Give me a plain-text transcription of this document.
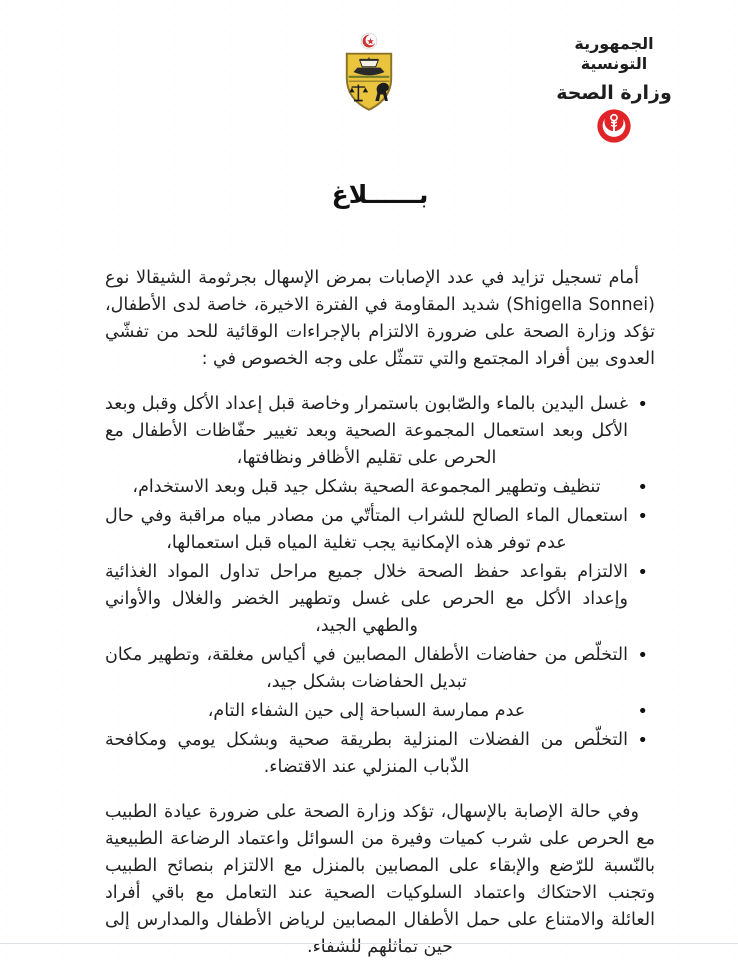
الجمهورية التونسية
وزارة الصحة
بــــــلاغ
أمام تسجيل تزايد في عدد الإصابات بمرض الإسهال بجرثومة الشيقالا نوع (Shigella Sonnei) شديد المقاومة في الفترة الاخيرة، خاصة لدى الأطفال، تؤكد وزارة الصحة على ضرورة الالتزام بالإجراءات الوقائية للحد من تفشّي العدوى بين أفراد المجتمع والتي تتمثّل على وجه الخصوص في :
•
غسل اليدين بالماء والصّابون باستمرار وخاصة قبل إعداد الأكل وقبل وبعد الأكل وبعد استعمال المجموعة الصحية وبعد تغيير حفّاظات الأطفال مع الحرص على تقليم الأظافر ونظافتها،
•
تنظيف وتطهير المجموعة الصحية بشكل جيد قبل وبعد الاستخدام،
•
استعمال الماء الصالح للشراب المتأتّي من مصادر مياه مراقبة وفي حال عدم توفر هذه الإمكانية يجب تغلية المياه قبل استعمالها،
•
الالتزام بقواعد حفظ الصحة خلال جميع مراحل تداول المواد الغذائية وإعداد الأكل مع الحرص على غسل وتطهير الخضر والغلال والأواني والطهي الجيد،
•
التخلّص من حفاضات الأطفال المصابين في أكياس مغلقة، وتطهير مكان تبديل الحفاضات بشكل جيد،
•
عدم ممارسة السباحة إلى حين الشفاء التام،
•
التخلّص من الفضلات المنزلية بطريقة صحية وبشكل يومي ومكافحة الذّباب المنزلي عند الاقتضاء.
وفي حالة الإصابة بالإسهال، تؤكد وزارة الصحة على ضرورة عيادة الطبيب مع الحرص على شرب كميات وفيرة من السوائل واعتماد الرضاعة الطبيعية بالنّسبة للرّضع والإبقاء على المصابين بالمنزل مع الالتزام بنصائح الطبيب وتجنب الاحتكاك واعتماد السلوكيات الصحية عند التعامل مع باقي أفراد العائلة والامتناع على حمل الأطفال المصابين لرياض الأطفال والمدارس إلى حين تماثلهم للشفاء.
